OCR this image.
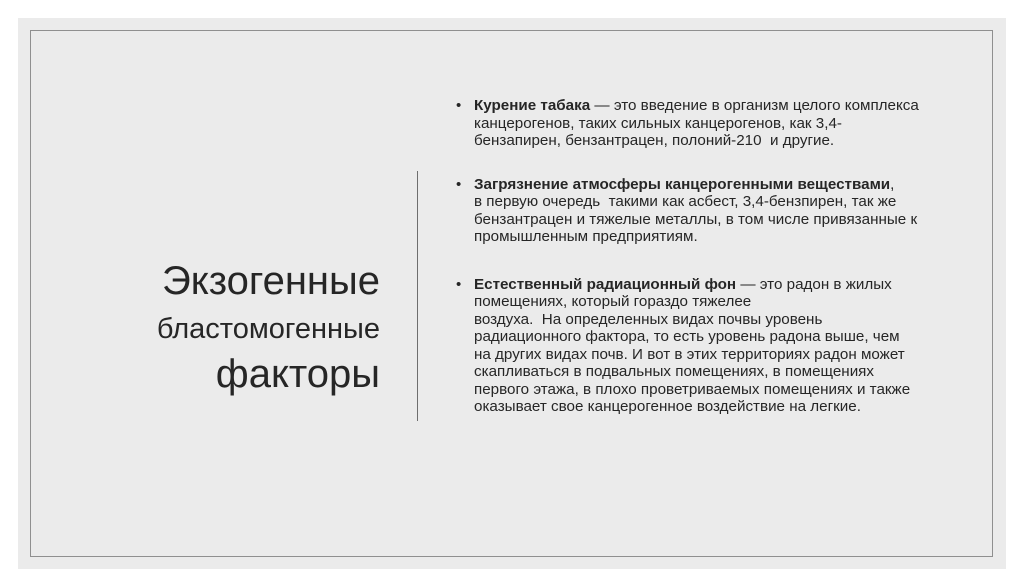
Экзогенные
бластомогенные
факторы
• Курение табака — это введение в организм целого комплекса
канцерогенов, таких сильных канцерогенов, как 3,4-
бензапирен, бензантрацен, полоний-210  и другие.
• Загрязнение атмосферы канцерогенными веществами,
в первую очередь  такими как асбест, 3,4-бензпирен, так же
бензантрацен и тяжелые металлы, в том числе привязанные к
промышленным предприятиям.
• Естественный радиационный фон — это радон в жилых
помещениях, который гораздо тяжелее
воздуха.  На определенных видах почвы уровень
радиационного фактора, то есть уровень радона выше, чем
на других видах почв. И вот в этих территориях радон может
скапливаться в подвальных помещениях, в помещениях
первого этажа, в плохо проветриваемых помещениях и также
оказывает свое канцерогенное воздействие на легкие.
